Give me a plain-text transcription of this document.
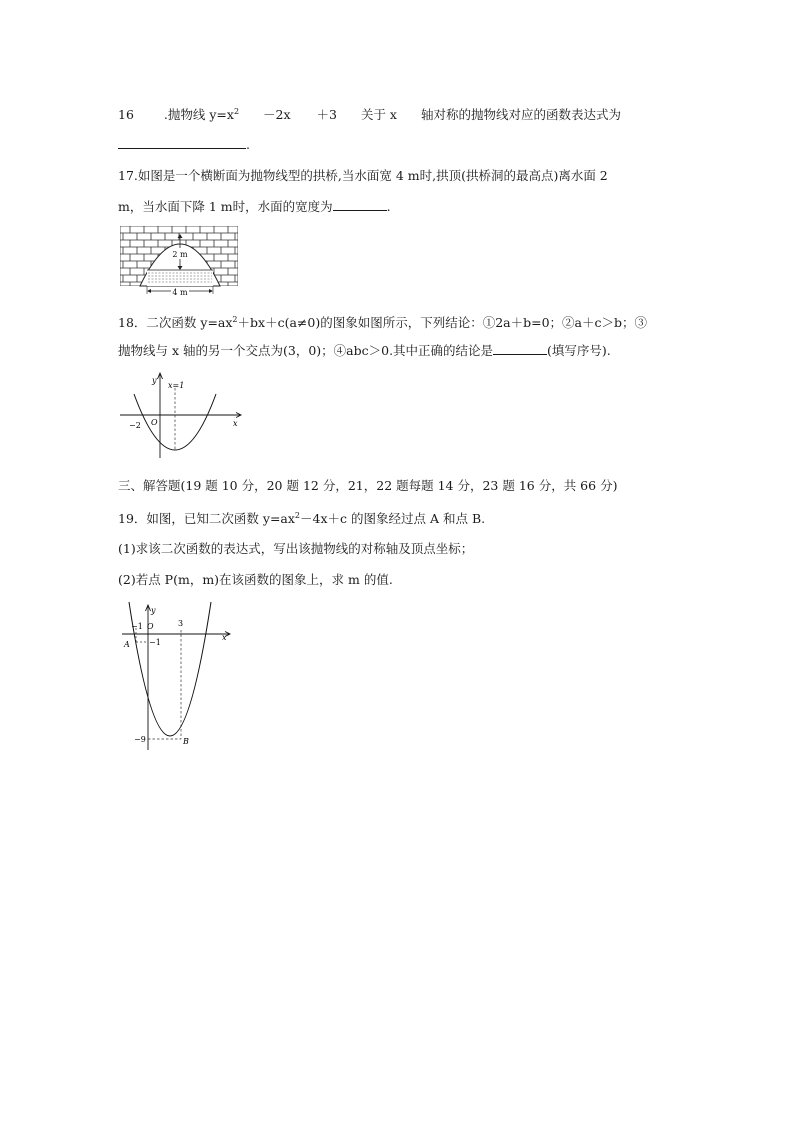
16 .抛物线 $y=x^2 -2x +3$ 关于 x 轴对称的抛物线对应的函数表达式为
.
17.如图是一个横断面为抛物线型的拱桥,当水面宽 4 m时,拱顶(拱桥洞的最高点)离水面 2
m，当水面下降 1 m时，水面的宽度为	.
2 m
4 m
18．二次函数 $y=ax^2+bx+c(a\ne 0)$的图象如图所示，下列结论：①2a＋b=0；②a＋c＞b；③
抛物线与 x 轴的另一个交点为(3，0)；④abc＞0.其中正确的结论是	(填写序号).
y
x=1
x
O
−2
三、解答题(19 题 10 分，20 题 12 分，21，22 题每题 14 分，23 题 16 分，共 66 分)
19．如图，已知二次函数 $y=ax^2-4x+c$ 的图象经过点 A 和点 B.
(1)求该二次函数的表达式，写出该抛物线的对称轴及顶点坐标；
(2)若点 P(m，m)在该函数的图象上，求 m 的值.
y
x
O
−1	3
A −1
−9	B
